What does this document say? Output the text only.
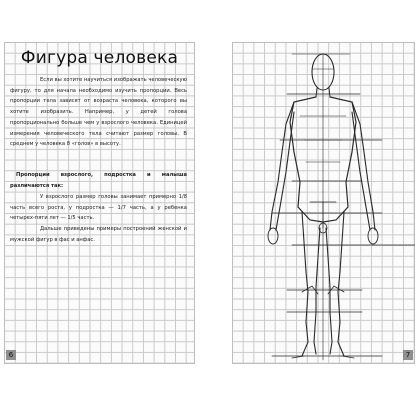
Фигура человека
Если вы хотите научиться изображать человеческую фигуру, то для начала необходимо изучить пропорции. Весь пропорции тела зависят от возраста человека, которого вы хотите изобразить. Например, у детей голова пропорционально больше чем у взрослого человека. Единицей измерения человеческого тела считают размер головы. В среднем у человека 8 «голов» в высоту.
Пропорции взрослого, подростка и малыша различаются так:
У взрослого размер головы занимает примерно 1/8 часть всего роста, у подростка — 1/7 часть, а у ребенка четырех-пяти лет — 1/5 часть.
Дальше приведены примеры построений женской и мужской фигур в фас и анфас.
6	7
